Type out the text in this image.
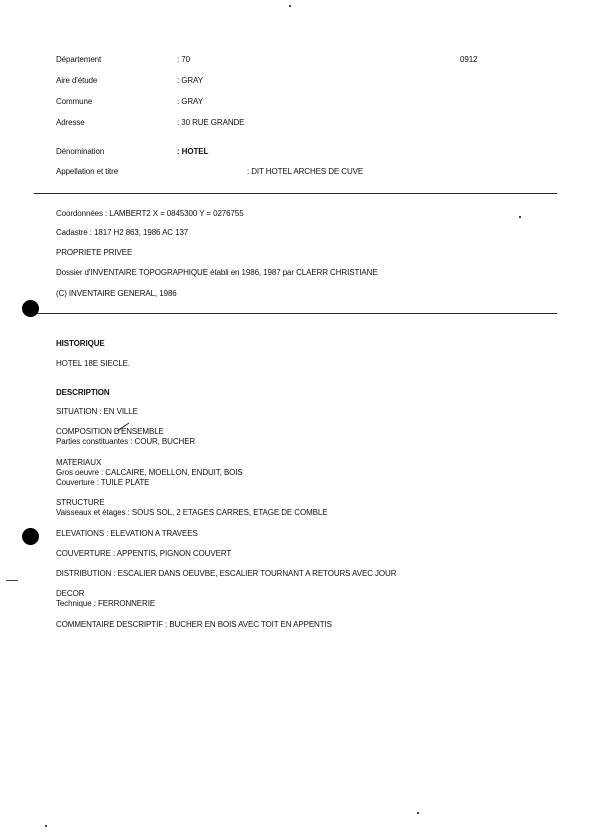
Département	: 70	0912
Aire d'étude	: GRAY
Commune	: GRAY
Adresse	: 30 RUE GRANDE
Dénomination	: HOTEL
Appellation et titre	: DIT HOTEL ARCHES DE CUVE
Coordonnées : LAMBERT2 X = 0845300 Y = 0276755
Cadastre : 1817 H2 863, 1986 AC 137
PROPRIETE PRIVEE
Dossier d'INVENTAIRE TOPOGRAPHIQUE établi en 1986, 1987 par CLAERR CHRISTIANE
(C) INVENTAIRE GENERAL, 1986
HISTORIQUE
HOTEL 18E SIECLE.
DESCRIPTION
SITUATION : EN VILLE
COMPOSITION D'ENSEMBLE
Parties constituantes : COUR, BUCHER
MATERIAUX
Gros oeuvre : CALCAIRE, MOELLON, ENDUIT, BOIS
Couverture : TUILE PLATE
STRUCTURE
Vaisseaux et étages : SOUS SOL, 2 ETAGES CARRES, ETAGE DE COMBLE
ELEVATIONS : ELEVATION A TRAVEES
COUVERTURE : APPENTIS, PIGNON COUVERT
DISTRIBUTION : ESCALIER DANS OEUVBE, ESCALIER TOURNANT A RETOURS AVEC JOUR
DECOR
Technique : FERRONNERIE
COMMENTAIRE DESCRIPTIF : BUCHER EN BOIS AVEC TOIT EN APPENTIS
